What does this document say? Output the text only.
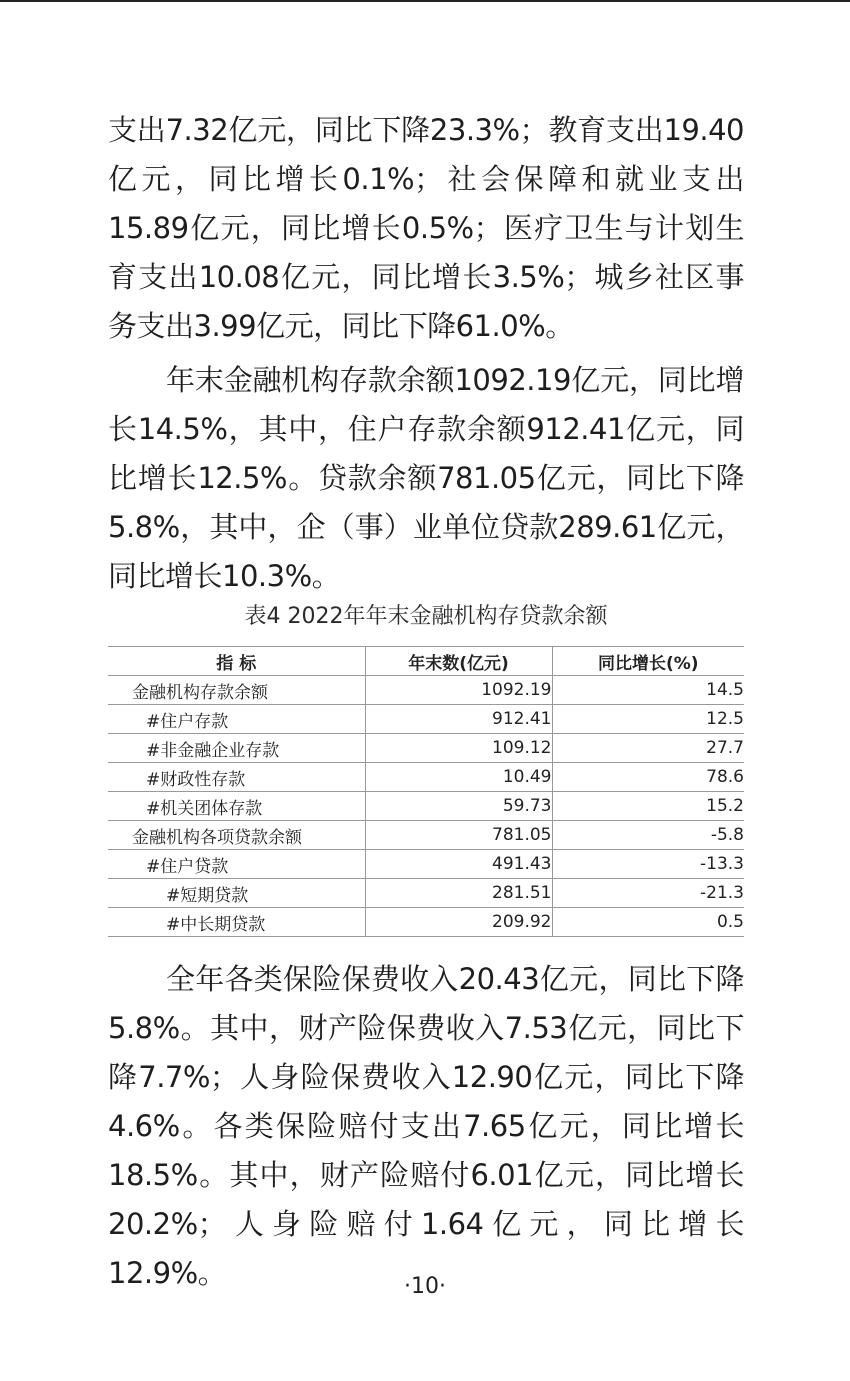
支出7.32亿元，同比下降23.3%；教育支出19.40亿元，同比增长0.1%；社会保障和就业支出15.89亿元，同比增长0.5%；医疗卫生与计划生育支出10.08亿元，同比增长3.5%；城乡社区事务支出3.99亿元，同比下降61.0%。

年末金融机构存款余额1092.19亿元，同比增长14.5%，其中，住户存款余额912.41亿元，同比增长12.5%。贷款余额781.05亿元，同比下降5.8%，其中，企（事）业单位贷款289.61亿元，同比增长10.3%。

表4 2022年年末金融机构存贷款余额
指 标	年末数(亿元)	同比增长(%)
金融机构存款余额	1092.19	14.5
#住户存款	912.41	12.5
#非金融企业存款	109.12	27.7
#财政性存款	10.49	78.6
#机关团体存款	59.73	15.2
金融机构各项贷款余额	781.05	-5.8
#住户贷款	491.43	-13.3
#短期贷款	281.51	-21.3
#中长期贷款	209.92	0.5

全年各类保险保费收入20.43亿元，同比下降5.8%。其中，财产险保费收入7.53亿元，同比下降7.7%；人身险保费收入12.90亿元，同比下降4.6%。各类保险赔付支出7.65亿元，同比增长18.5%。其中，财产险赔付6.01亿元，同比增长20.2%；人身险赔付1.64亿元，同比增长12.9%。	·10·
